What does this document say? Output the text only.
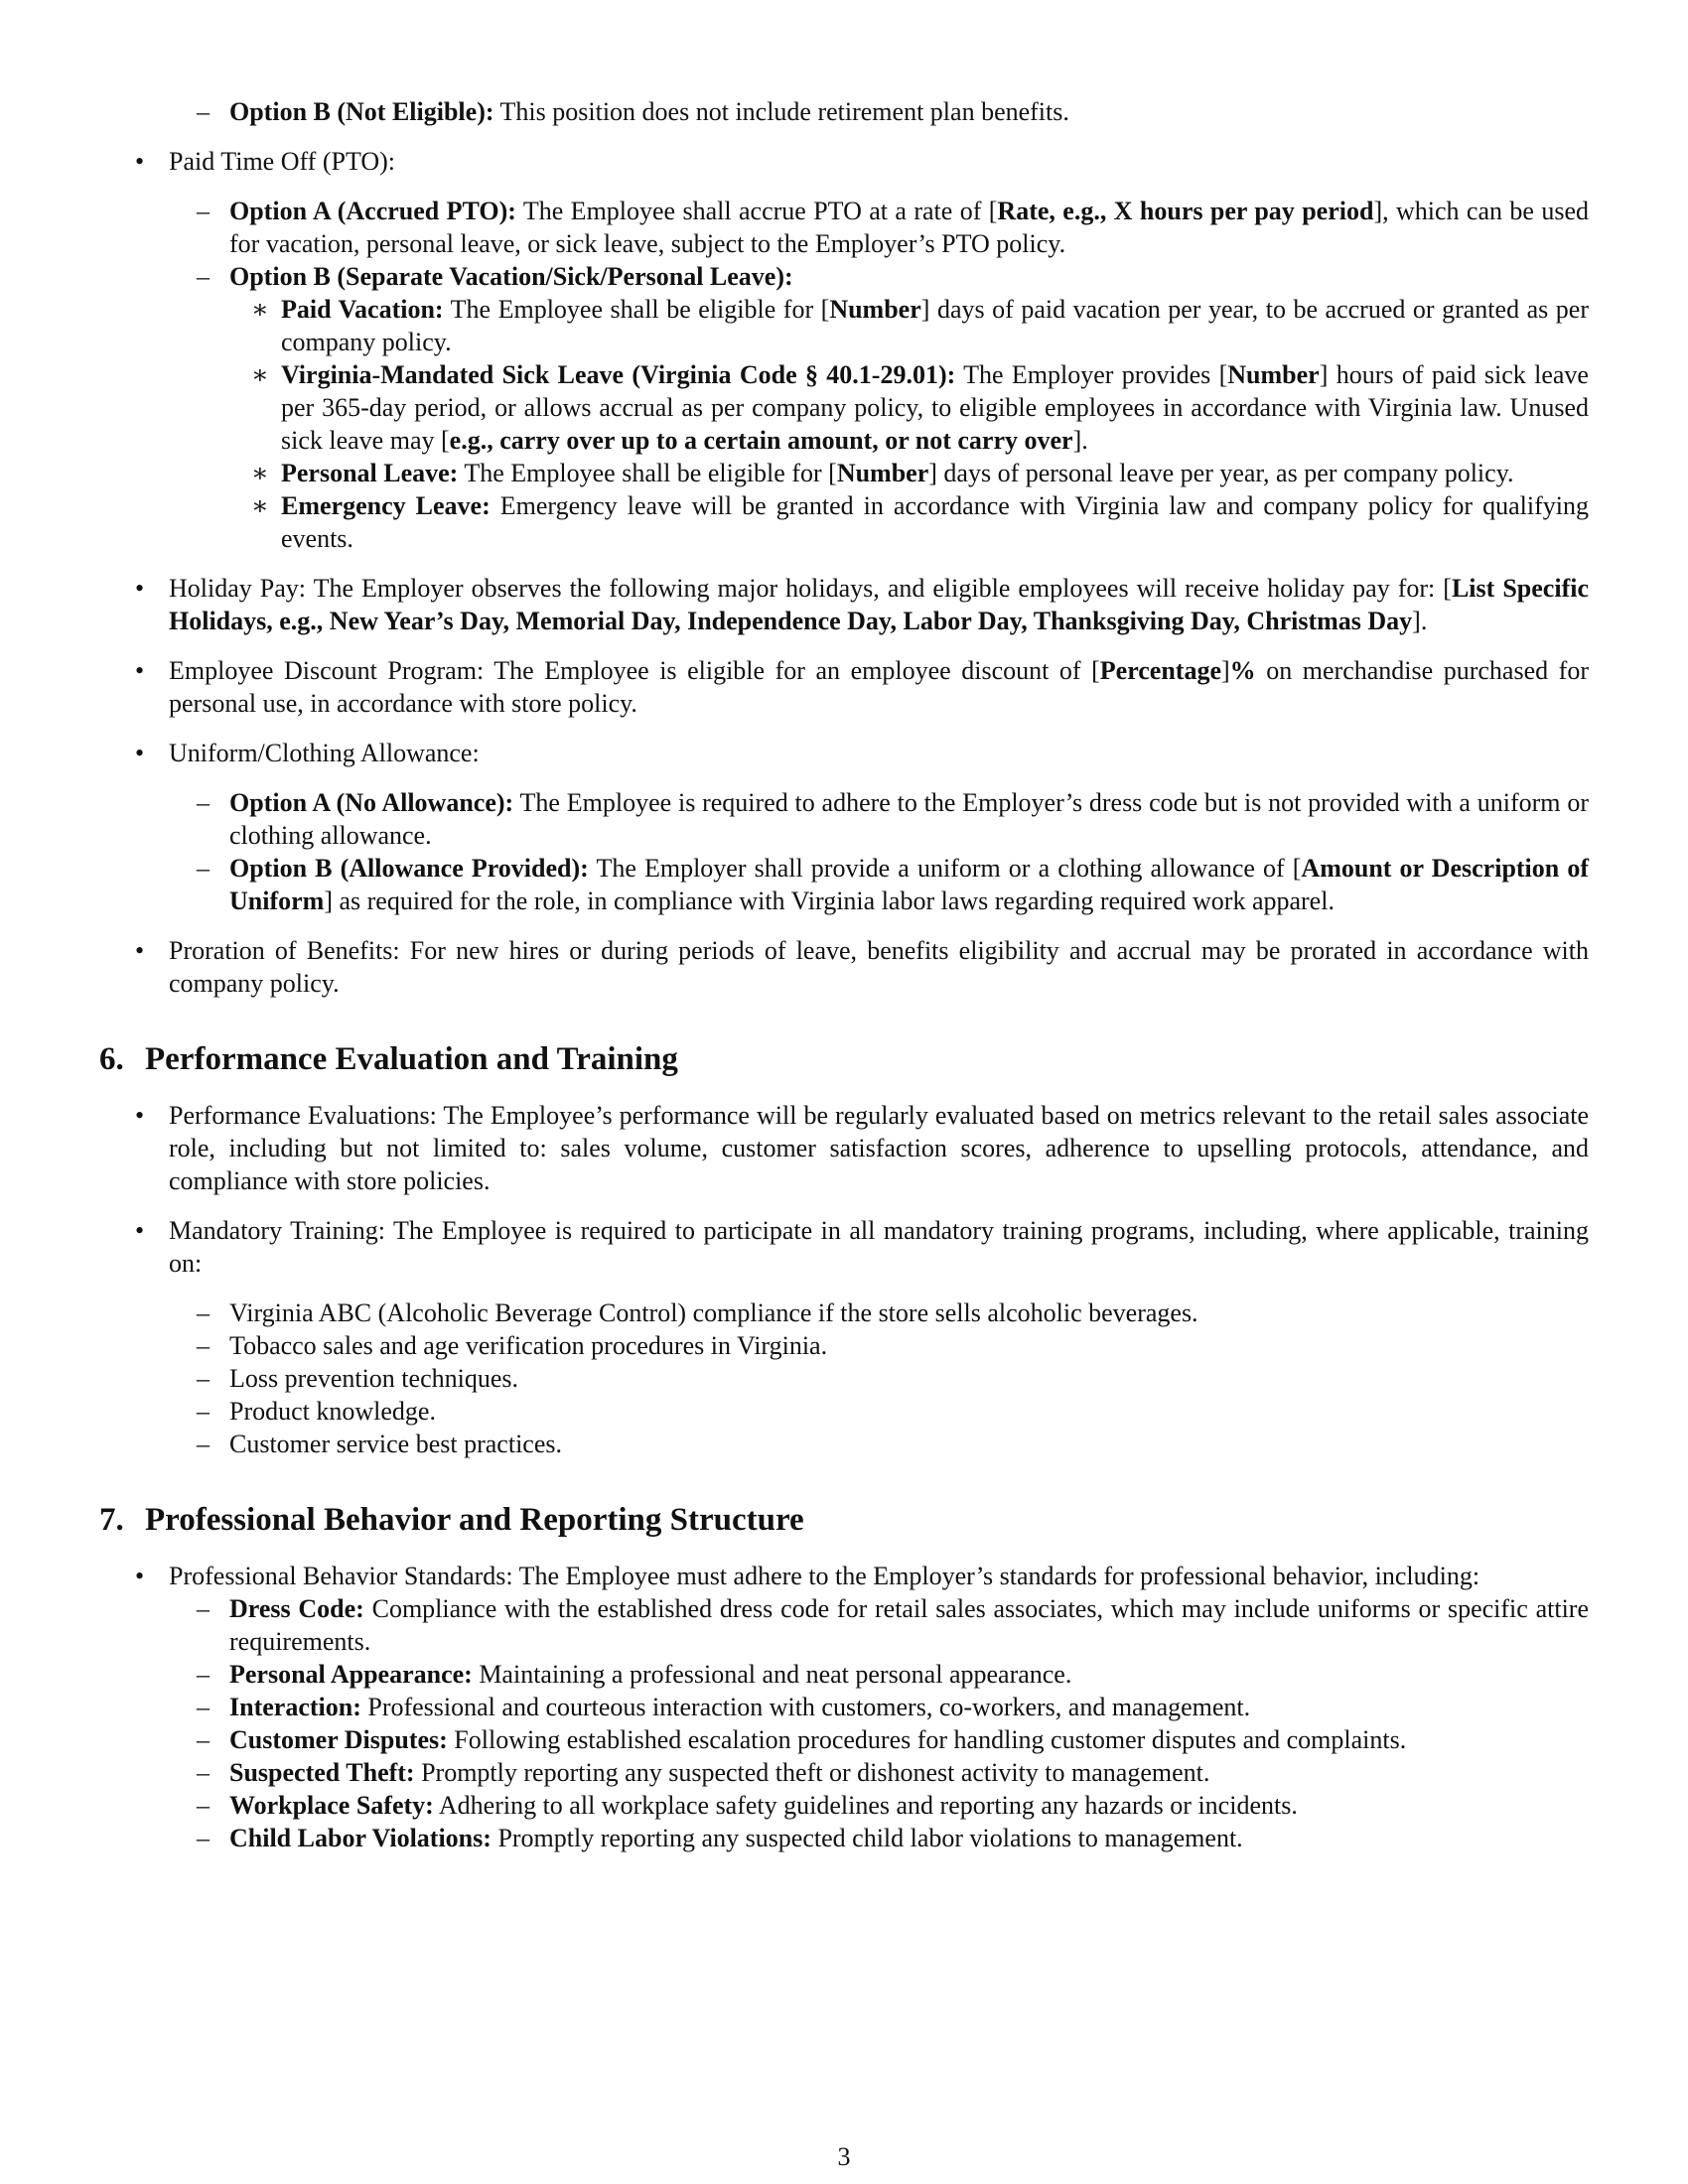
– Option B (Not Eligible): This position does not include retirement plan benefits.
• Paid Time Off (PTO):
– Option A (Accrued PTO): The Employee shall accrue PTO at a rate of [Rate, e.g., X hours per pay period], which can be used for vacation, personal leave, or sick leave, subject to the Employer’s PTO policy.
– Option B (Separate Vacation/Sick/Personal Leave):
∗ Paid Vacation: The Employee shall be eligible for [Number] days of paid vacation per year, to be accrued or granted as per company policy.
∗ Virginia-Mandated Sick Leave (Virginia Code § 40.1-29.01): The Employer provides [Number] hours of paid sick leave per 365-day period, or allows accrual as per company policy, to eligible employees in accordance with Virginia law. Unused sick leave may [e.g., carry over up to a certain amount, or not carry over].
∗ Personal Leave: The Employee shall be eligible for [Number] days of personal leave per year, as per company policy.
∗ Emergency Leave: Emergency leave will be granted in accordance with Virginia law and company policy for qualifying events.
• Holiday Pay: The Employer observes the following major holidays, and eligible employees will receive holiday pay for: [List Specific Holidays, e.g., New Year’s Day, Memorial Day, Independence Day, Labor Day, Thanksgiving Day, Christmas Day].
• Employee Discount Program: The Employee is eligible for an employee discount of [Percentage]% on merchandise purchased for personal use, in accordance with store policy.
• Uniform/Clothing Allowance:
– Option A (No Allowance): The Employee is required to adhere to the Employer’s dress code but is not provided with a uniform or clothing allowance.
– Option B (Allowance Provided): The Employer shall provide a uniform or a clothing allowance of [Amount or Description of Uniform] as required for the role, in compliance with Virginia labor laws regarding required work apparel.
• Proration of Benefits: For new hires or during periods of leave, benefits eligibility and accrual may be prorated in accordance with company policy.
6. Performance Evaluation and Training
• Performance Evaluations: The Employee’s performance will be regularly evaluated based on metrics relevant to the retail sales associate role, including but not limited to: sales volume, customer satisfaction scores, adherence to upselling protocols, attendance, and compliance with store policies.
• Mandatory Training: The Employee is required to participate in all mandatory training programs, including, where applicable, training on:
– Virginia ABC (Alcoholic Beverage Control) compliance if the store sells alcoholic beverages.
– Tobacco sales and age verification procedures in Virginia.
– Loss prevention techniques.
– Product knowledge.
– Customer service best practices.
7. Professional Behavior and Reporting Structure
• Professional Behavior Standards: The Employee must adhere to the Employer’s standards for professional behavior, including:
– Dress Code: Compliance with the established dress code for retail sales associates, which may include uniforms or specific attire requirements.
– Personal Appearance: Maintaining a professional and neat personal appearance.
– Interaction: Professional and courteous interaction with customers, co-workers, and management.
– Customer Disputes: Following established escalation procedures for handling customer disputes and complaints.
– Suspected Theft: Promptly reporting any suspected theft or dishonest activity to management.
– Workplace Safety: Adhering to all workplace safety guidelines and reporting any hazards or incidents.
– Child Labor Violations: Promptly reporting any suspected child labor violations to management.
3
